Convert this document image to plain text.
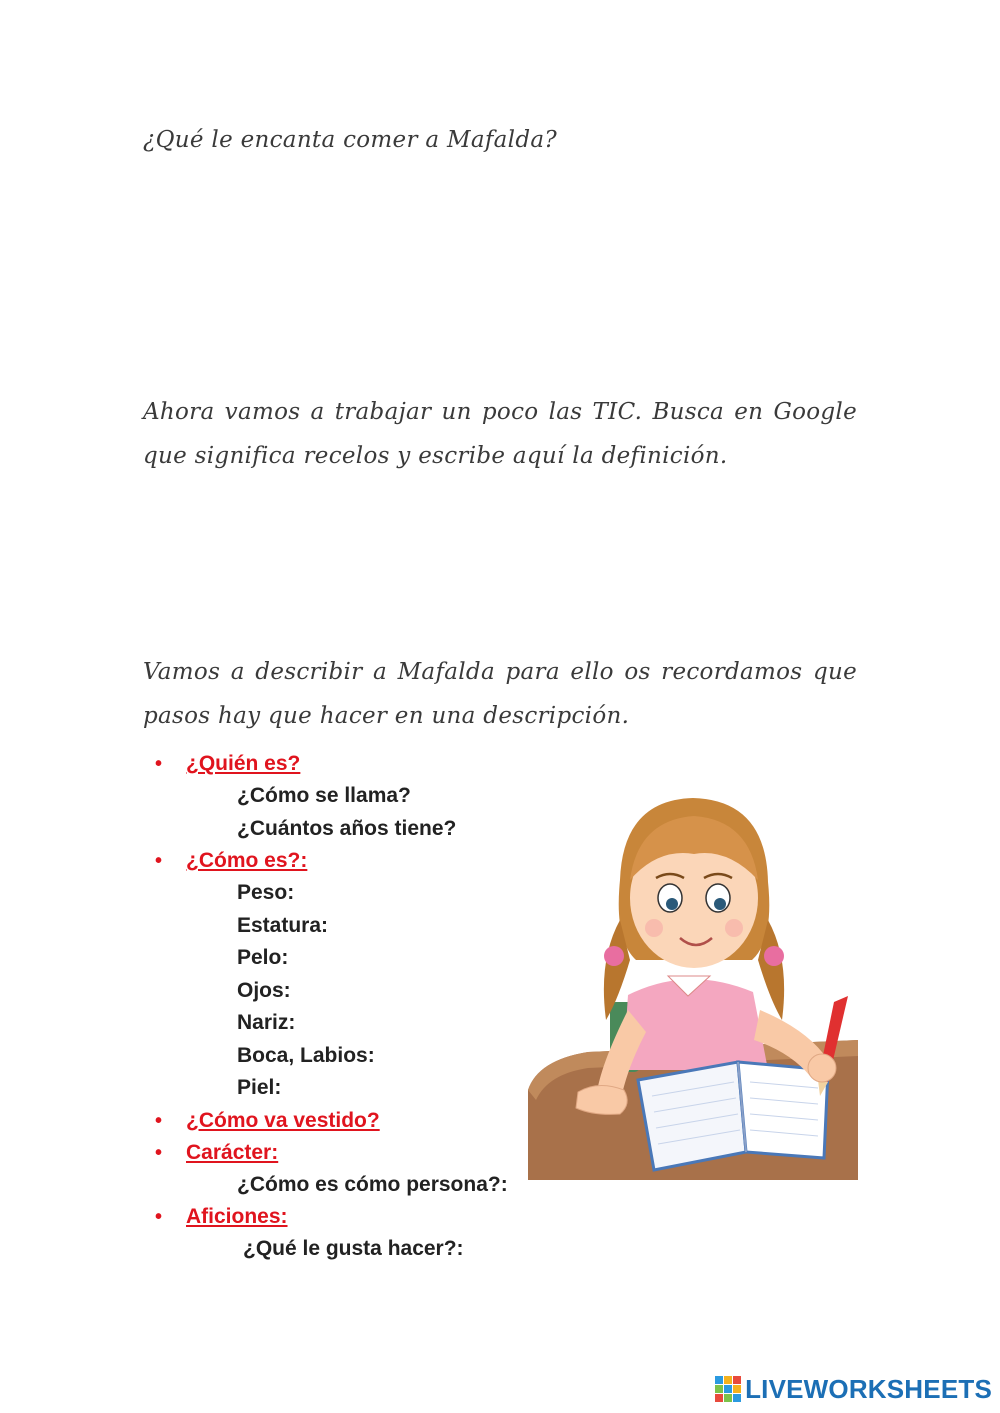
¿Qué le encanta comer a Mafalda?
Ahora vamos a trabajar un poco las TIC. Busca en Google que significa recelos y escribe aquí la definición.
Vamos a describir a Mafalda para ello os recordamos que pasos hay que hacer en una descripción.
• ¿Quién es?
¿Cómo se llama?
¿Cuántos años tiene?
• ¿Cómo es?:
Peso:
Estatura:
Pelo:
Ojos:
Nariz:
Boca, Labios:
Piel:
• ¿Cómo va vestido?
• Carácter:
¿Cómo es cómo persona?:
• Aficiones:
¿Qué le gusta hacer?:
LIVEWORKSHEETS
